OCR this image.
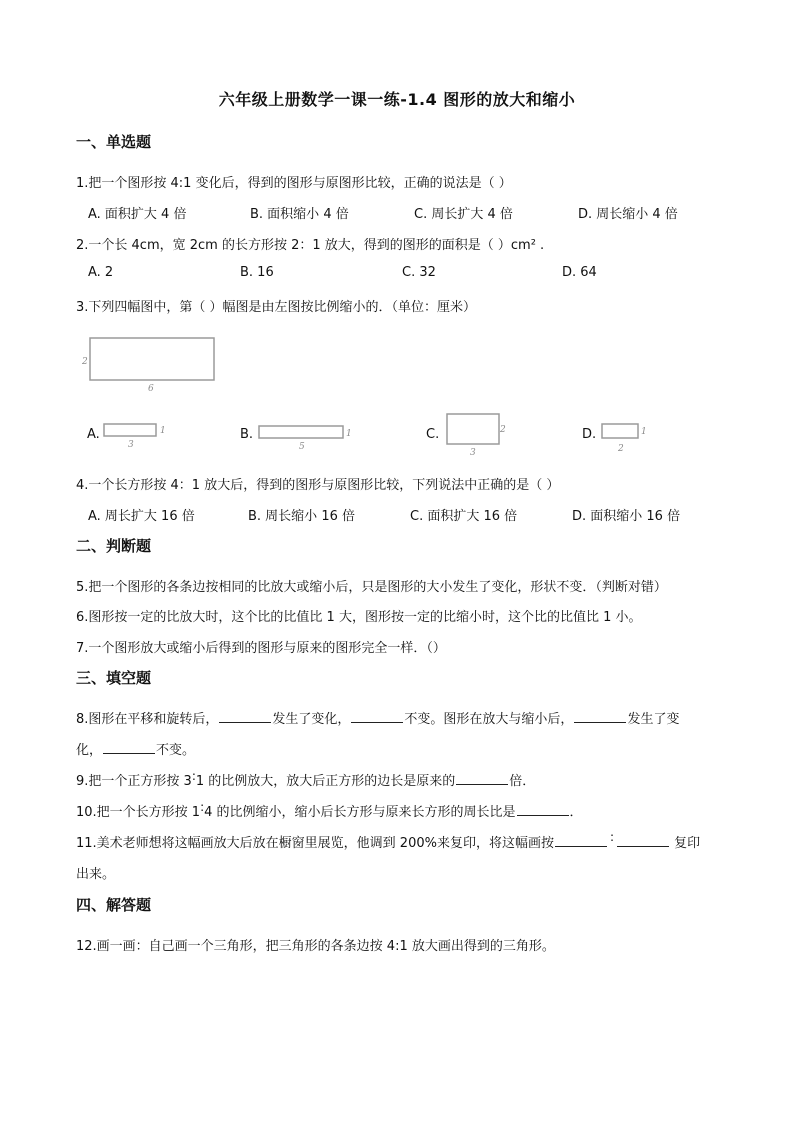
六年级上册数学一课一练-1.4 图形的放大和缩小
一、单选题
1.把一个图形按 4:1 变化后，得到的图形与原图形比较，正确的说法是（ ）
A. 面积扩大 4 倍	B. 面积缩小 4 倍	C. 周长扩大 4 倍	D. 周长缩小 4 倍
2.一个长 4cm，宽 2cm 的长方形按 2：1 放大，得到的图形的面积是（ ）cm² .
A. 2	B. 16	C. 32	D. 64
3.下列四幅图中，第（ ）幅图是由左图按比例缩小的．（单位：厘米）
2
6
A.	1
3
B.	1
5
C.	2
3
D.	1
2
4.一个长方形按 4：1 放大后，得到的图形与原图形比较，下列说法中正确的是（ ）
A. 周长扩大 16 倍	B. 周长缩小 16 倍	C. 面积扩大 16 倍	D. 面积缩小 16 倍
二、判断题
5.把一个图形的各条边按相同的比放大或缩小后，只是图形的大小发生了变化，形状不变．（判断对错）
6.图形按一定的比放大时，这个比的比值比 1 大，图形按一定的比缩小时，这个比的比值比 1 小。
7.一个图形放大或缩小后得到的图形与原来的图形完全一样．（）
三、填空题
8.图形在平移和旋转后，	发生了变化，	不变。图形在放大与缩小后，	发生了变
化，	不变。
9.把一个正方形按 3:1 的比例放大，放大后正方形的边长是原来的	倍．
10.把一个长方形按 1:4 的比例缩小，缩小后长方形与原来长方形的周长比是	．
11.美术老师想将这幅画放大后放在橱窗里展览，他调到 200%来复印，将这幅画按	:	复印
出来。
四、解答题
12.画一画：自己画一个三角形，把三角形的各条边按 4:1 放大画出得到的三角形。
